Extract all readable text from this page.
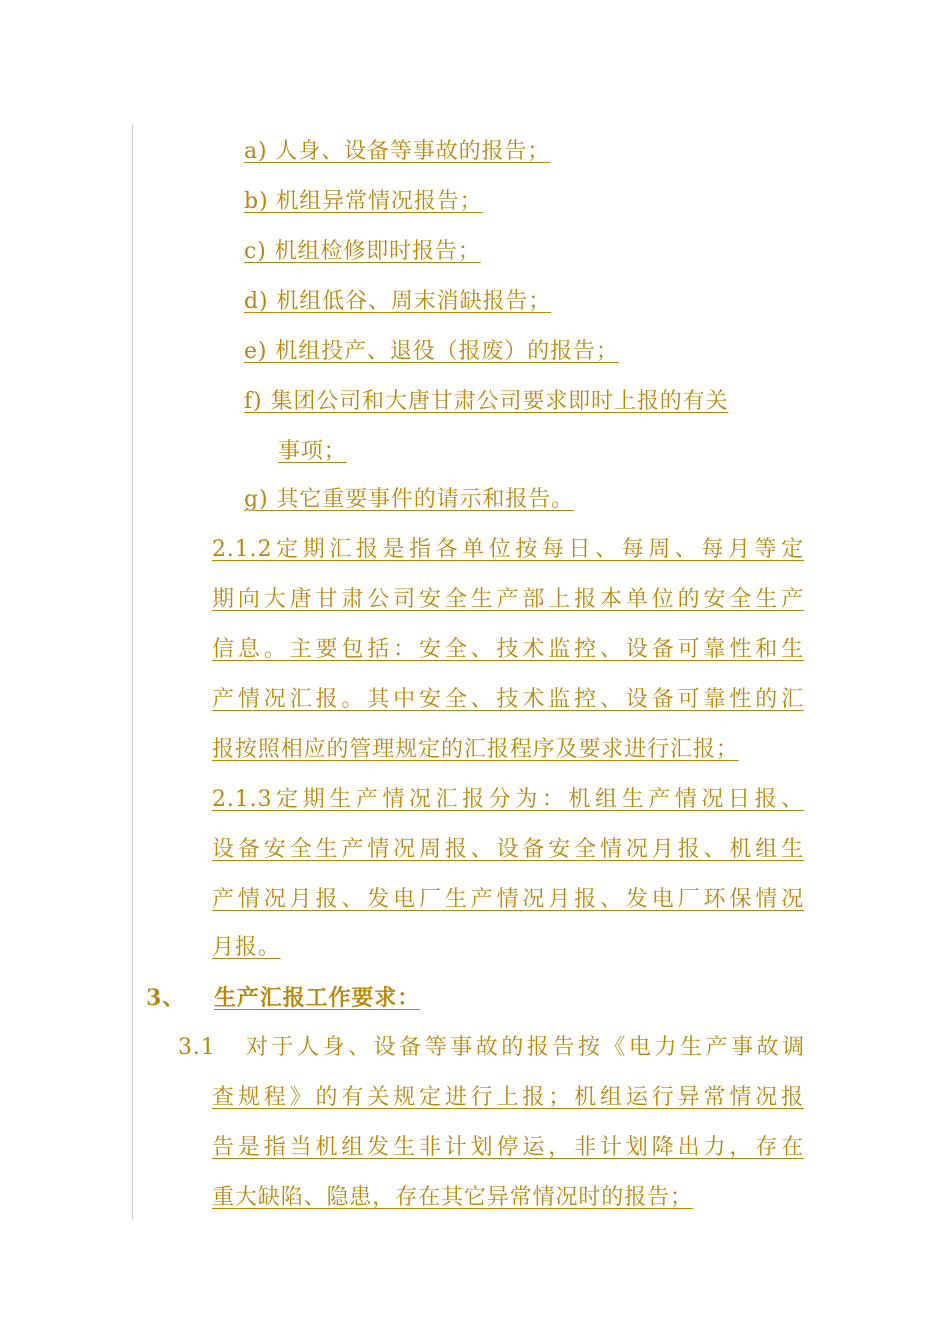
a) 人身、设备等事故的报告；
b) 机组异常情况报告；
c) 机组检修即时报告；
d) 机组低谷、周末消缺报告；
e) 机组投产、退役（报废）的报告；
f) 集团公司和大唐甘肃公司要求即时上报的有关
事项；
g) 其它重要事件的请示和报告。
2.1.2定期汇报是指各单位按每日、每周、每月等定
期向大唐甘肃公司安全生产部上报本单位的安全生产
信息。主要包括：安全、技术监控、设备可靠性和生
产情况汇报。其中安全、技术监控、设备可靠性的汇
报按照相应的管理规定的汇报程序及要求进行汇报；
2.1.3定期生产情况汇报分为：机组生产情况日报、
设备安全生产情况周报、设备安全情况月报、机组生
产情况月报、发电厂生产情况月报、发电厂环保情况
月报。
3、 生产汇报工作要求：
3.1 对于人身、设备等事故的报告按《电力生产事故调
查规程》的有关规定进行上报；机组运行异常情况报
告是指当机组发生非计划停运，非计划降出力，存在
重大缺陷、隐患，存在其它异常情况时的报告；
